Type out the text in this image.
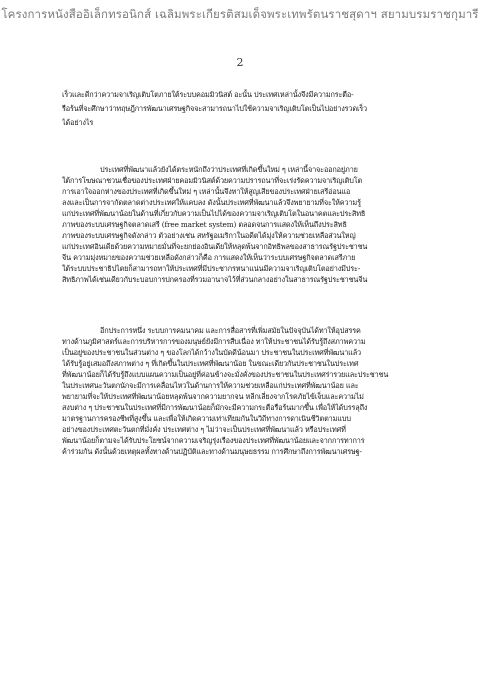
โครงการหนังสืออิเล็กทรอนิกส์ เฉลิมพระเกียรติสมเด็จพระเทพรัตนราชสุดาฯ สยามบรมราชกุมารี
2
เร็วและดีกว่าความจาเริญเติบโตภายใต้ระบบคอมมิวนิสต์ อะนั้น ประเทศเหล่านั้งจึงมีความกระตือ-
รือร้นที่จะศึกษาว่าทฤษฎีการพัฒนาเศรษฐกิจจะสามารถนาไปใช้ความจาเริญเติบโตเป็นไปอย่างรวดเร็ว
ได้อย่างไร
ประเทศที่พัฒนาแล้วยังได้ตระหนักถึงว่าประเทศที่เกิดขึ้นใหม่ ๆ เหล่านี้จาจะออกอยู่ภาย
ใต้การโฆษณาชวนเชื่อของประเทศฝ่ายคอมมิวนิสต์ด้วยความปรารถนาที่จะเร่งรัดความจาเริญเติบโต
การเอาใจออกห่างของประเทศที่เกิดขึ้นใหม่ ๆ เหล่านั้นจึงทาให้สูญเสียของประเทศฝ่ายเสรีอ่อนแอ
ลงและเป็นการจากัดตลาดต่างประเทศให้แคบลง ดังนั้นประเทศที่พัฒนาแล้วจึงพยายามที่จะให้ความรู้
แก่ประเทศที่พัฒนาน้อยในด้านที่เกี่ยวกับความเป็นไปได้ของความจาเริญเติบโตในอนาคตและประสิทธิ
ภาพของระบบเศรษฐกิจตลาดเสรี (free market system) ตลอดจนการแสดงให้เห็นถึงประสิทธิ
ภาพของระบบเศรษฐกิจดังกล่าว ตัวอย่างเช่น สหรัฐอเมริกาในอดีตได้มุ่งให้ความช่วยเหลือส่วนใหญ่
แก่ประเทศอินเดียด้วยความหมายมั่นที่จะยกย่องอินเดียให้หลุดพ้นจากอิทธิพลของสาธารณรัฐประชาชน
จีน ความมุ่งหมายของความช่วยเหลือดังกล่าวก็คือ การแสดงให้เห็นว่าระบบเศรษฐกิจตลาดเสรีภาย
ใต้ระบบประชาธิปไตยก็สามารถทาให้ประเทศที่มีประชากรหนาแน่นมีความจาเริญเติบโตอย่างมีประ-
สิทธิภาพได้เช่นเดียวกับระบอบการปกครองที่รวมอานาจไว้ที่ส่วนกลางอย่างในสาธารณรัฐประชาชนจีน
อีกประการหนึ่ง ระบบการคมนาคม และการสื่อสารที่เพิ่มสมัยในปัจจุบันได้ทาให้อุปสรรค
ทางด้านภูมิศาสตร์และการบริหารการของมนุษย์ยังมีการสืบเนื่อง ทาให้ประชาชนได้รับรู้ถึงสภาพความ
เป็นอยู่ของประชาชนในส่วนต่าง ๆ ของโลกได้กว้างในบัดดีน้อนมา ประชาชนในประเทศที่พัฒนาแล้ว
ได้รับรู้อยู่เสมอถึงสภาพต่าง ๆ ที่เกิดขึ้นในประเทศที่พัฒนาน้อย ในขณะเดียวกันประชาชนในประเทศ
ที่พัฒนาน้อยก็ได้รับรู้ถึงแบบแผนความเป็นอยู่ที่ค่อนข้างจะมั่งคั่งของประชาชนในประเทศร่ารวยและประชาชน
ในประเทศนะวันตกนักจะมีการเคลื่อนไหวในด้านการให้ความช่วยเหลือแก่ประเทศที่พัฒนาน้อย และ
พยายามที่จะให้ประเทศที่พัฒนาน้อยหลุดพ้นจากความยากจน หลีกเลี่ยงจากโรคภัยไข้เจ็บและความไม่
สงบต่าง ๆ ประชาชนในประเทศที่มีการพัฒนาน้อยก็มักจะมีความกระตือรือร้นมากขึ้น เพื่อให้ได้บรรลุถึง
มาตรฐานการครองชีพที่สูงขึ้น และเพื่อให้เกิดความเท่าเทียมกันในวิถีทางการดาเนินชีวิตตามแบบ
อย่างของประเทศตะวันตกที่มั่งคั่ง ประเทศต่าง ๆ ไม่ว่าจะเป็นประเทศที่พัฒนาแล้ว หรือประเทศที่
พัฒนาน้อยก็ตามจะได้รับประโยชน์จากความเจริญรุ่งเรืองของประเทศที่พัฒนาน้อยและจากการทาการ
ค้าร่วมกัน ดังนั้นด้วยเหตุผลทั้งทางด้านปฏิบัติและทางด้านมนุษยธรรม การศึกษาถึงการพัฒนาเศรษฐ-
